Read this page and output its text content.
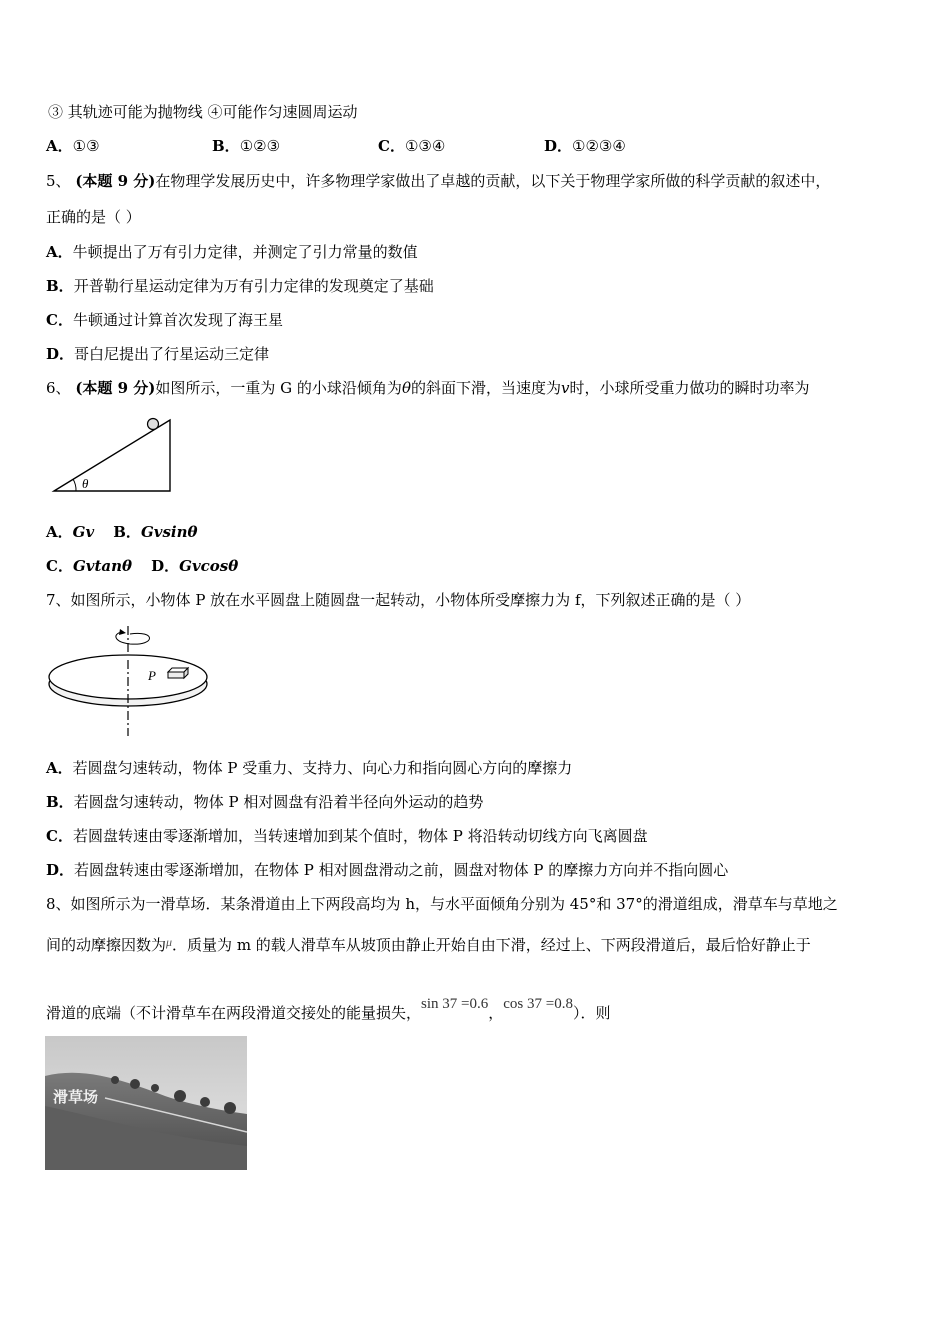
③ 其轨迹可能为抛物线 ④可能作匀速圆周运动
A．①③	B．①②③	C．①③④	D．①②③④
5、 (本题 9 分)在物理学发展历史中，许多物理学家做出了卓越的贡献，以下关于物理学家所做的科学贡献的叙述中，
正确的是（ ）
A．牛顿提出了万有引力定律，并测定了引力常量的数值
B．开普勒行星运动定律为万有引力定律的发现奠定了基础
C．牛顿通过计算首次发现了海王星
D．哥白尼提出了行星运动三定律
6、 (本题 9 分)如图所示，一重为 G 的小球沿倾角为θ的斜面下滑，当速度为v时，小球所受重力做功的瞬时功率为
θ
A．Gv B．Gvsinθ
C．Gvtanθ D．Gvcosθ
7、如图所示，小物体 P 放在水平圆盘上随圆盘一起转动，小物体所受摩擦力为 f，下列叙述正确的是（ ）
P
A．若圆盘匀速转动，物体 P 受重力、支持力、向心力和指向圆心方向的摩擦力
B．若圆盘匀速转动，物体 P 相对圆盘有沿着半径向外运动的趋势
C．若圆盘转速由零逐渐增加，当转速增加到某个值时，物体 P 将沿转动切线方向飞离圆盘
D．若圆盘转速由零逐渐增加，在物体 P 相对圆盘滑动之前，圆盘对物体 P 的摩擦力方向并不指向圆心
8、如图所示为一滑草场．某条滑道由上下两段高均为 h，与水平面倾角分别为 45°和 37°的滑道组成，滑草车与草地之
间的动摩擦因数为$^\mu$．质量为 m 的载人滑草车从坡顶由静止开始自由下滑，经过上、下两段滑道后，最后恰好静止于
滑道的底端（不计滑草车在两段滑道交接处的能量损失，sin 37 =0.6，cos 37 =0.8）．则
滑草场
